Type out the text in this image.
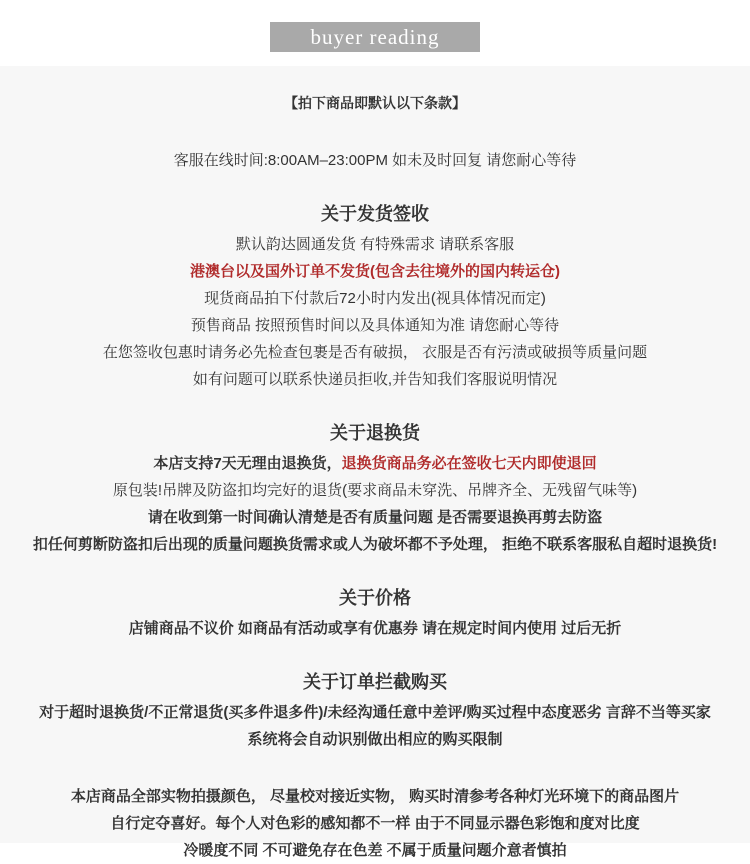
buyer reading
【拍下商品即默认以下条款】
客服在线时间:8:00AM–23:00PM 如未及时回复 请您耐心等待
关于发货签收
默认韵达圆通发货 有特殊需求 请联系客服
港澳台以及国外订单不发货(包含去往境外的国内转运仓)
现货商品拍下付款后72小时内发出(视具体情况而定)
预售商品 按照预售时间以及具体通知为准 请您耐心等待
在您签收包惠时请务必先检查包裹是否有破损， 衣服是否有污渍或破损等质量问题
如有问题可以联系快递员拒收,并告知我们客服说明情况
关于退换货
本店支持7天无理由退换货，退换货商品务必在签收七天内即使退回
原包装!吊牌及防盗扣均完好的退货(要求商品未穿洗、吊牌齐全、无残留气味等)
请在收到第一时间确认清楚是否有质量问题 是否需要退换再剪去防盗
扣任何剪断防盗扣后出现的质量问题换货需求或人为破坏都不予处理， 拒绝不联系客服私自超时退换货!
关于价格
店铺商品不议价 如商品有活动或享有优惠券 请在规定时间内使用 过后无折
关于订单拦截购买
对于超时退换货/不正常退货(买多件退多件)/未经沟通任意中差评/购买过程中态度恶劣 言辞不当等买家
系统将会自动识别做出相应的购买限制
本店商品全部实物拍摄颜色， 尽量校对接近实物， 购买时清参考各种灯光环境下的商品图片
自行定夺喜好。每个人对色彩的感知都不一样 由于不同显示器色彩饱和度对比度
冷暖度不同 不可避免存在色差 不属于质量问题介意者慎拍
